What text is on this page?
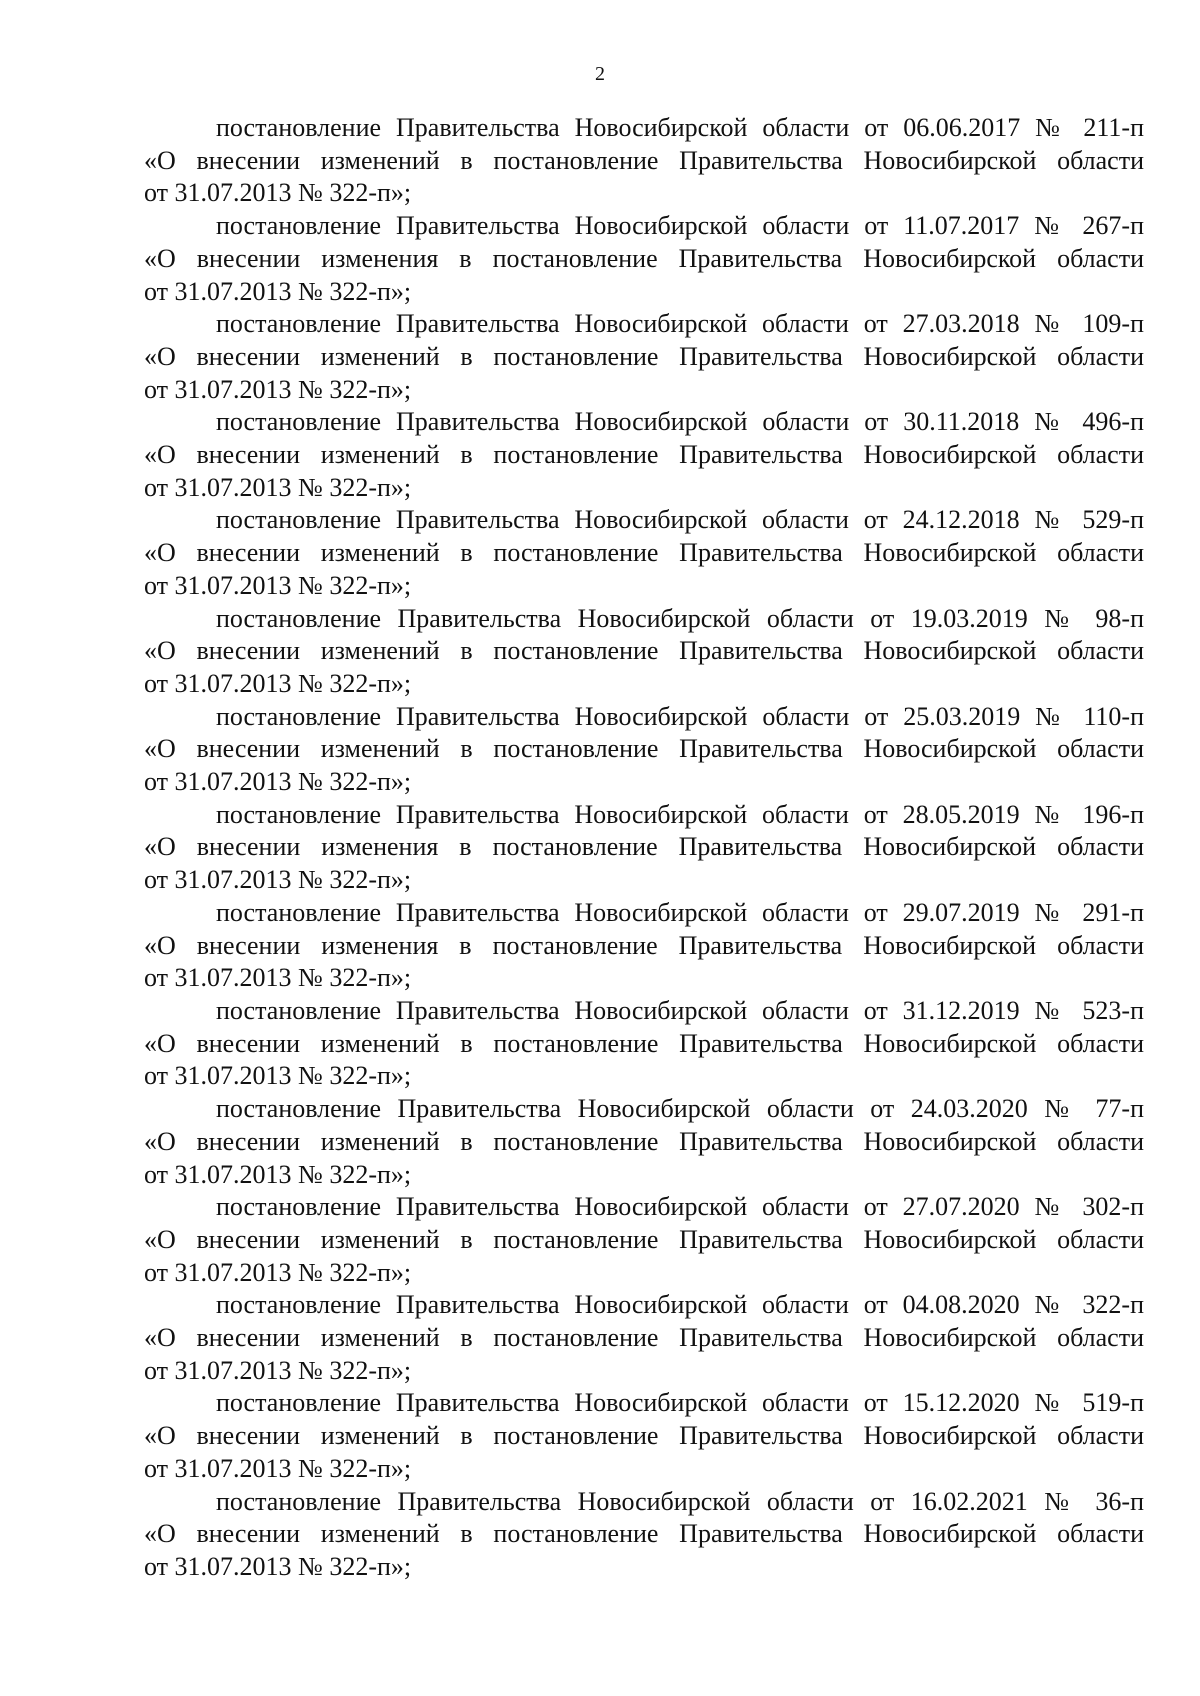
2

постановление Правительства Новосибирской области от 06.06.2017 № 211-п

«О внесении изменений в постановление Правительства Новосибирской области

от 31.07.2013 № 322-п»;

постановление Правительства Новосибирской области от 11.07.2017 № 267-п

«О внесении изменения в постановление Правительства Новосибирской области

от 31.07.2013 № 322-п»;

постановление Правительства Новосибирской области от 27.03.2018 № 109-п

«О внесении изменений в постановление Правительства Новосибирской области

от 31.07.2013 № 322-п»;

постановление Правительства Новосибирской области от 30.11.2018 № 496-п

«О внесении изменений в постановление Правительства Новосибирской области

от 31.07.2013 № 322-п»;

постановление Правительства Новосибирской области от 24.12.2018 № 529-п

«О внесении изменений в постановление Правительства Новосибирской области

от 31.07.2013 № 322-п»;

постановление Правительства Новосибирской области от 19.03.2019 № 98-п

«О внесении изменений в постановление Правительства Новосибирской области

от 31.07.2013 № 322-п»;

постановление Правительства Новосибирской области от 25.03.2019 № 110-п

«О внесении изменений в постановление Правительства Новосибирской области

от 31.07.2013 № 322-п»;

постановление Правительства Новосибирской области от 28.05.2019 № 196-п

«О внесении изменения в постановление Правительства Новосибирской области

от 31.07.2013 № 322-п»;

постановление Правительства Новосибирской области от 29.07.2019 № 291-п

«О внесении изменения в постановление Правительства Новосибирской области

от 31.07.2013 № 322-п»;

постановление Правительства Новосибирской области от 31.12.2019 № 523-п

«О внесении изменений в постановление Правительства Новосибирской области

от 31.07.2013 № 322-п»;

постановление Правительства Новосибирской области от 24.03.2020 № 77-п

«О внесении изменений в постановление Правительства Новосибирской области

от 31.07.2013 № 322-п»;

постановление Правительства Новосибирской области от 27.07.2020 № 302-п

«О внесении изменений в постановление Правительства Новосибирской области

от 31.07.2013 № 322-п»;

постановление Правительства Новосибирской области от 04.08.2020 № 322-п

«О внесении изменений в постановление Правительства Новосибирской области

от 31.07.2013 № 322-п»;

постановление Правительства Новосибирской области от 15.12.2020 № 519-п

«О внесении изменений в постановление Правительства Новосибирской области

от 31.07.2013 № 322-п»;

постановление Правительства Новосибирской области от 16.02.2021 № 36-п

«О внесении изменений в постановление Правительства Новосибирской области

от 31.07.2013 № 322-п»;
